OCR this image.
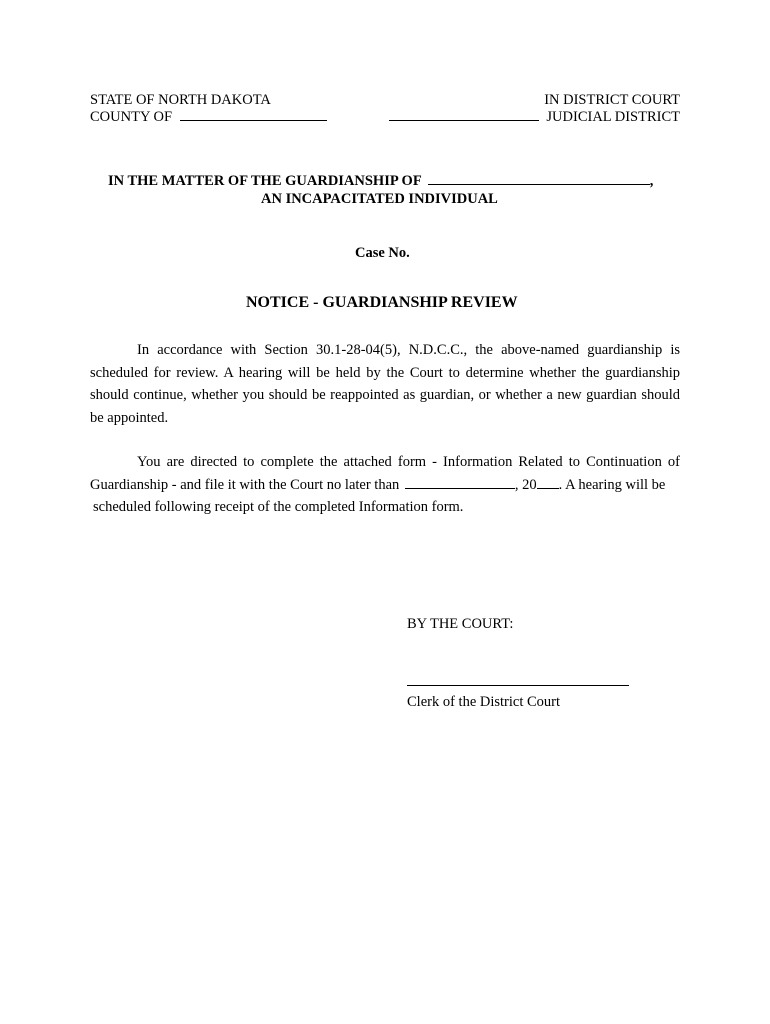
STATE OF NORTH DAKOTA
COUNTY OF
IN DISTRICT COURT
JUDICIAL DISTRICT
IN THE MATTER OF THE GUARDIANSHIP OF	,
AN INCAPACITATED INDIVIDUAL
Case No.
NOTICE - GUARDIANSHIP REVIEW
In accordance with Section 30.1-28-04(5), N.D.C.C., the above-named guardianship is
scheduled for review. A hearing will be held by the Court to determine whether the guardianship
should continue, whether you should be reappointed as guardian, or whether a new guardian should
be appointed.
You are directed to complete the attached form - Information Related to Continuation of
Guardianship - and file it with the Court no later than	, 20 . A hearing will be
scheduled following receipt of the completed Information form.
BY THE COURT:
Clerk of the District Court
